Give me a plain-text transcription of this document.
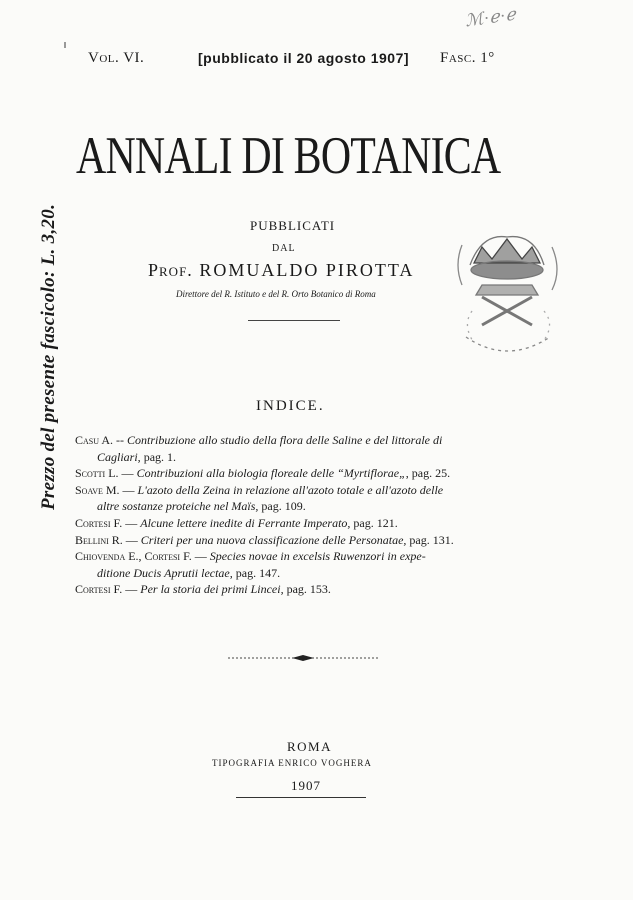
Vol. VI.	[pubblicato il 20 agosto 1907] Fasc. 1°
ℳ·ℯ·ℯ
ANNALI DI BOTANICA
PUBBLICATI
DAL
Prof. ROMUALDO PIROTTA
Direttore del R. Istituto e del R. Orto Botanico di Roma
Prezzo del presente fascicolo: L. 3,20.	INDICE.
Casu A. -- Contribuzione allo studio della flora delle Saline e del littorale di
Cagliari, pag. 1.
Scotti L. — Contribuzioni alla biologia floreale delle “Myrtiflorae„, pag. 25.
Soave M. — L'azoto della Zeina in relazione all'azoto totale e all'azoto delle
altre sostanze proteiche nel Maïs, pag. 109.
Cortesi F. — Alcune lettere inedite di Ferrante Imperato, pag. 121.
Bellini R. — Criteri per una nuova classificazione delle Personatae, pag. 131.
Chiovenda E., Cortesi F. — Species novae in excelsis Ruwenzori in expe-
ditione Ducis Aprutii lectae, pag. 147.
Cortesi F. — Per la storia dei primi Lincei, pag. 153.
ROMA
TIPOGRAFIA ENRICO VOGHERA
1907
